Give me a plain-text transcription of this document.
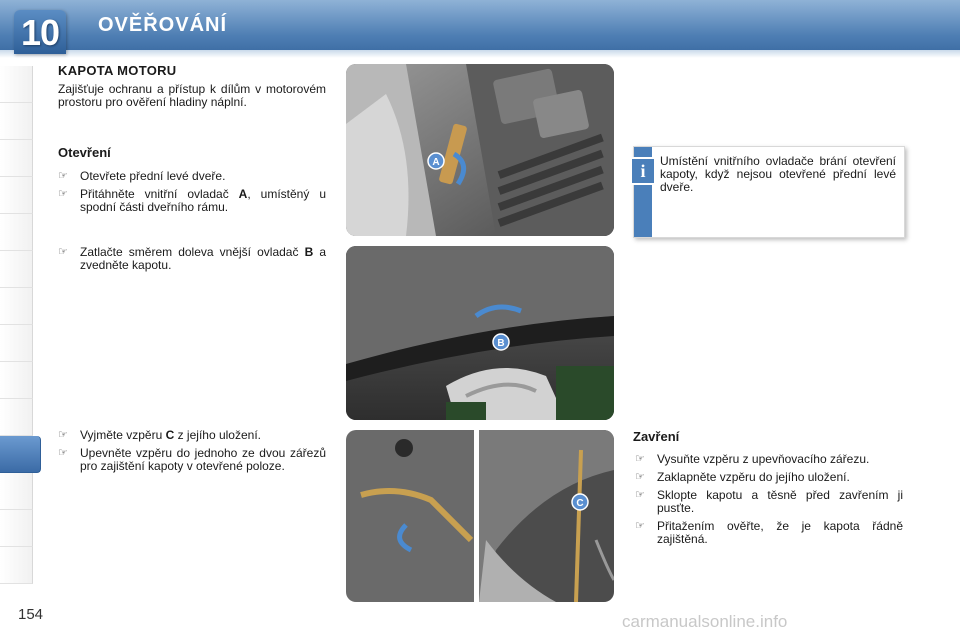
10	OVĚŘOVÁNÍ
KAPOTA MOTORU
Zajišťuje ochranu a přístup k dílům v motorovém prostoru pro ověření hladiny náplní.
Otevření
☞ Otevřete přední levé dveře.
☞ Přitáhněte vnitřní ovladač A, umístěný u spodní části dveřního rámu.
☞ Zatlačte směrem doleva vnější ovladač B a zvedněte kapotu.
☞ Vyjměte vzpěru C z jejího uložení.
☞ Upevněte vzpěru do jednoho ze dvou zářezů pro zajištění kapoty v otevřené poloze.
A
B
C
i	Umístění vnitřního ovladače brání otevření kapoty, když nejsou otevřené přední levé dveře.
Zavření
☞ Vysuňte vzpěru z upevňovacího zářezu.
☞ Zaklapněte vzpěru do jejího uložení.
☞ Sklopte kapotu a těsně před zavřením ji pusťte.
☞ Přitažením ověřte, že je kapota řádně zajištěná.
154	carmanualsonline.info
